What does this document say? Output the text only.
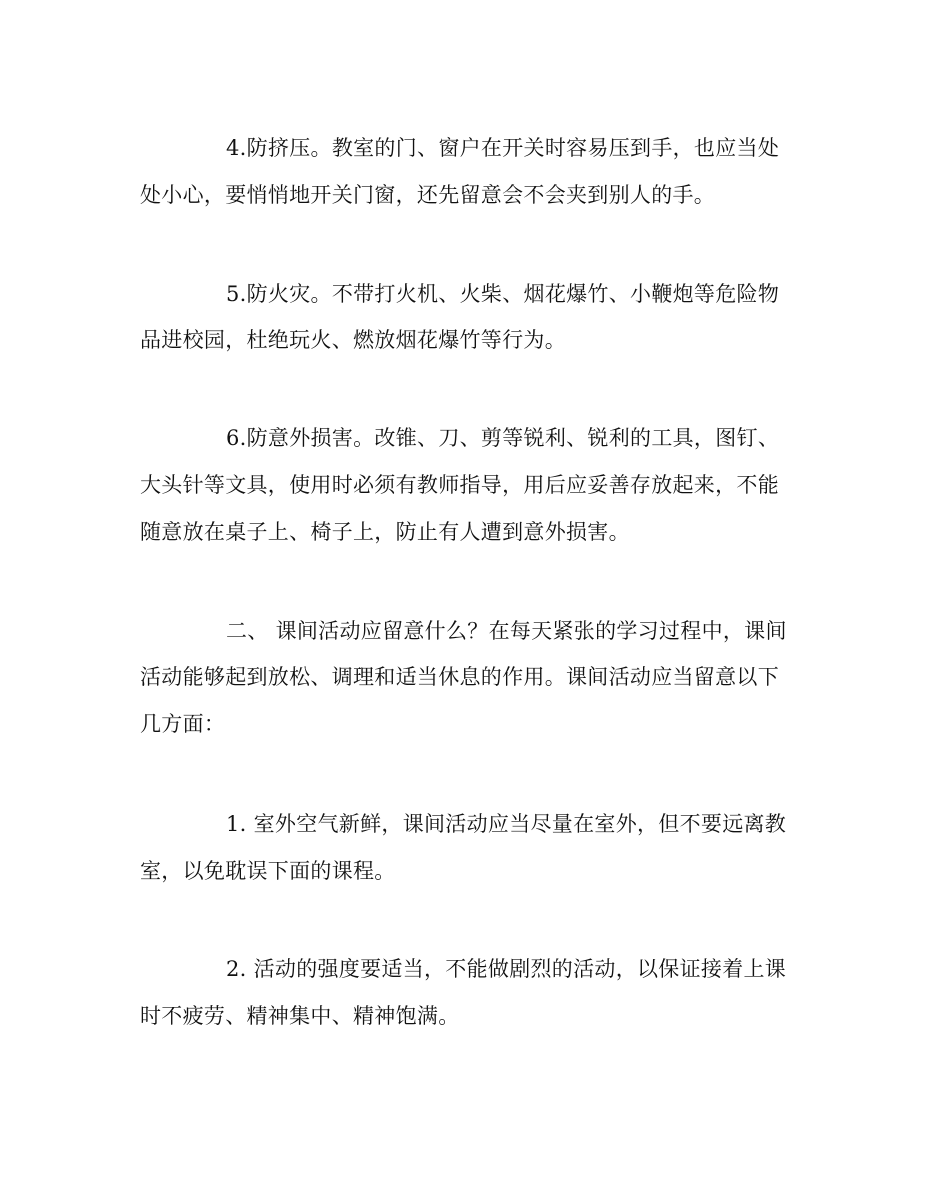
4.防挤压。教室的门、窗户在开关时容易压到手，也应当处
处小心，要悄悄地开关门窗，还先留意会不会夹到别人的手。
5.防火灾。不带打火机、火柴、烟花爆竹、小鞭炮等危险物
品进校园，杜绝玩火、燃放烟花爆竹等行为。
6.防意外损害。改锥、刀、剪等锐利、锐利的工具，图钉、
大头针等文具，使用时必须有教师指导，用后应妥善存放起来，不能
随意放在桌子上、椅子上，防止有人遭到意外损害。
二、 课间活动应留意什么？在每天紧张的学习过程中，课间
活动能够起到放松、调理和适当休息的作用。课间活动应当留意以下
几方面：
1. 室外空气新鲜，课间活动应当尽量在室外，但不要远离教
室，以免耽误下面的课程。
2. 活动的强度要适当，不能做剧烈的活动，以保证接着上课
时不疲劳、精神集中、精神饱满。
